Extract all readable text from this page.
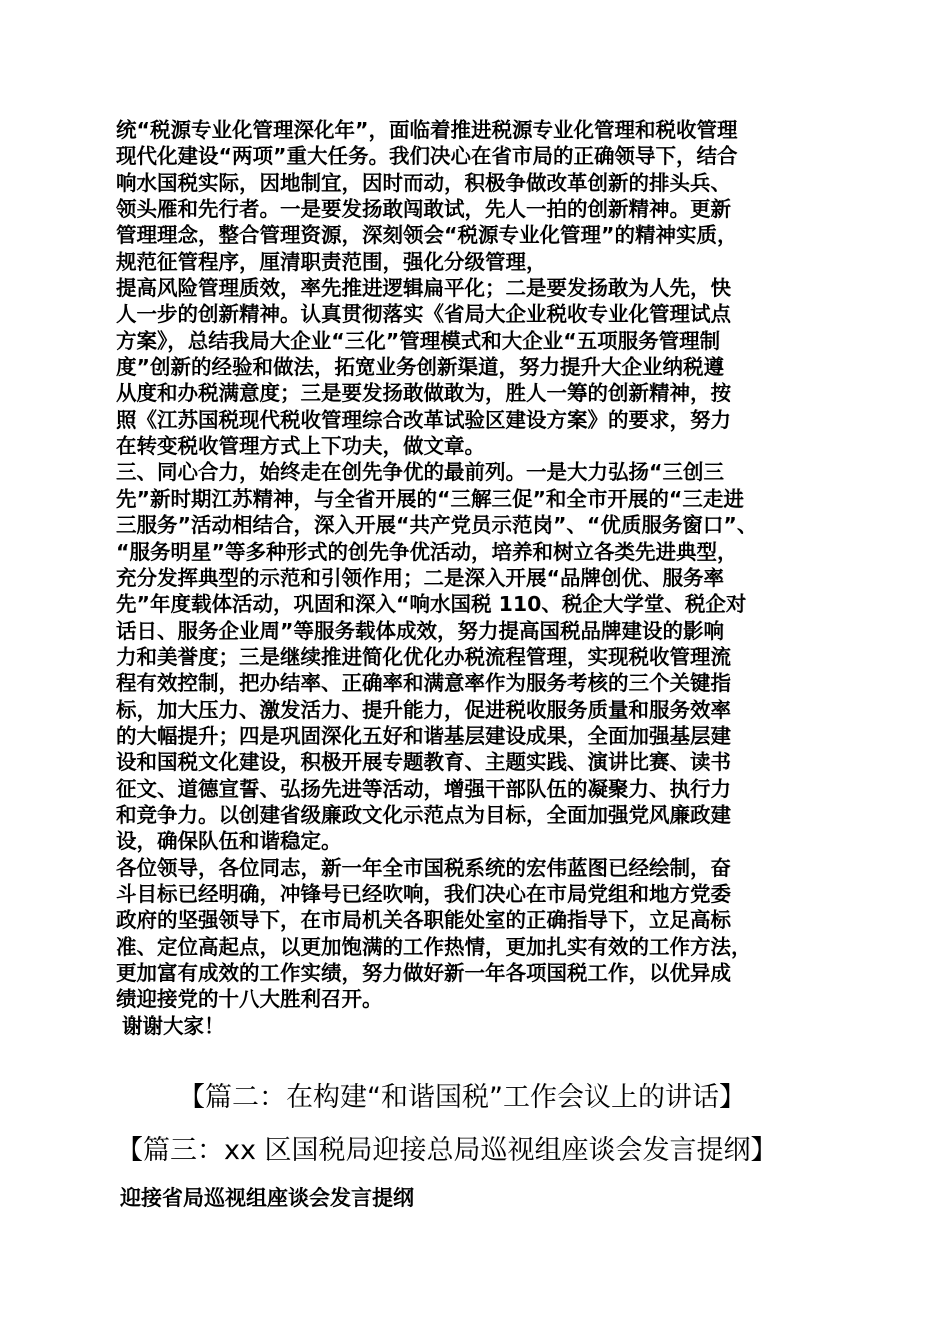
统“税源专业化管理深化年”，面临着推进税源专业化管理和税收管理
现代化建设“两项”重大任务。我们决心在省市局的正确领导下，结合
响水国税实际，因地制宜，因时而动，积极争做改革创新的排头兵、
领头雁和先行者。一是要发扬敢闯敢试，先人一拍的创新精神。更新
管理理念，整合管理资源，深刻领会“税源专业化管理”的精神实质，
规范征管程序，厘清职责范围，强化分级管理，
提高风险管理质效，率先推进逻辑扁平化；二是要发扬敢为人先，快
人一步的创新精神。认真贯彻落实《省局大企业税收专业化管理试点
方案》，总结我局大企业“三化”管理模式和大企业“五项服务管理制
度”创新的经验和做法，拓宽业务创新渠道，努力提升大企业纳税遵
从度和办税满意度；三是要发扬敢做敢为，胜人一筹的创新精神，按
照《江苏国税现代税收管理综合改革试验区建设方案》的要求，努力
在转变税收管理方式上下功夫，做文章。
三、同心合力，始终走在创先争优的最前列。一是大力弘扬“三创三
先”新时期江苏精神，与全省开展的“三解三促”和全市开展的“三走进
三服务”活动相结合，深入开展“共产党员示范岗”、“优质服务窗口”、
“服务明星”等多种形式的创先争优活动，培养和树立各类先进典型，
充分发挥典型的示范和引领作用；二是深入开展“品牌创优、服务率
先”年度载体活动，巩固和深入“响水国税 110、税企大学堂、税企对
话日、服务企业周”等服务载体成效，努力提高国税品牌建设的影响
力和美誉度；三是继续推进简化优化办税流程管理，实现税收管理流
程有效控制，把办结率、正确率和满意率作为服务考核的三个关键指
标，加大压力、激发活力、提升能力，促进税收服务质量和服务效率
的大幅提升；四是巩固深化五好和谐基层建设成果，全面加强基层建
设和国税文化建设，积极开展专题教育、主题实践、演讲比赛、读书
征文、道德宣誓、弘扬先进等活动，增强干部队伍的凝聚力、执行力
和竞争力。以创建省级廉政文化示范点为目标，全面加强党风廉政建
设，确保队伍和谐稳定。
各位领导，各位同志，新一年全市国税系统的宏伟蓝图已经绘制，奋
斗目标已经明确，冲锋号已经吹响，我们决心在市局党组和地方党委
政府的坚强领导下，在市局机关各职能处室的正确指导下，立足高标
准、定位高起点，以更加饱满的工作热情，更加扎实有效的工作方法，
更加富有成效的工作实绩，努力做好新一年各项国税工作，以优异成
绩迎接党的十八大胜利召开。
谢谢大家！
【篇二：在构建“和谐国税”工作会议上的讲话】
【篇三：xx 区国税局迎接总局巡视组座谈会发言提纲】
迎接省局巡视组座谈会发言提纲
